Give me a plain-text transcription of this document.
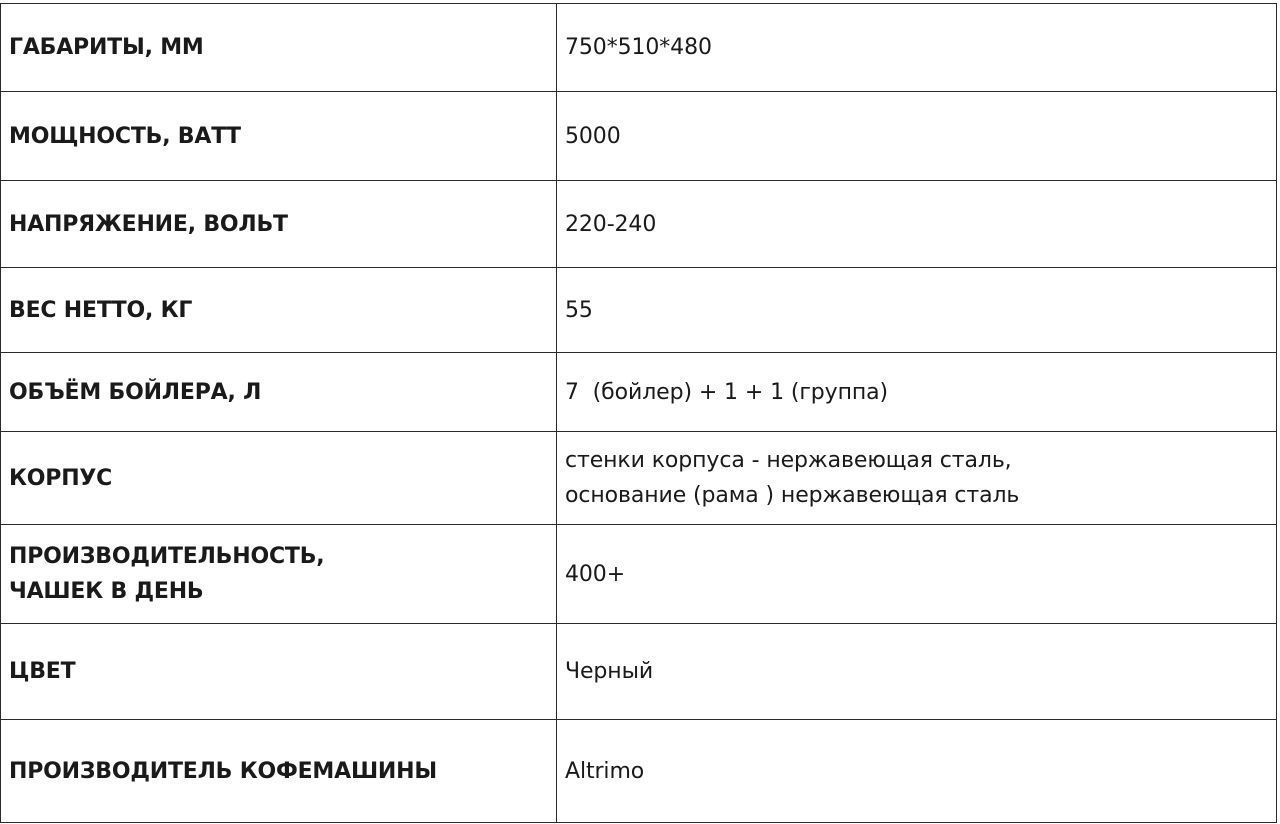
ГАБАРИТЫ, ММ	750*510*480
МОЩНОСТЬ, ВАТТ	5000
НАПРЯЖЕНИЕ, ВОЛЬТ	220-240
ВЕС НЕТТО, КГ	55
ОБЪЁМ БОЙЛЕРА, Л	7  (бойлер) + 1 + 1 (группа)
КОРПУС	стенки корпуса - нержавеющая сталь,
основание (рама ) нержавеющая сталь

ПРОИЗВОДИТЕЛЬНОСТЬ,
ЧАШЕК В ДЕНЬ	400+
ЦВЕТ	Черный
ПРОИЗВОДИТЕЛЬ КОФЕМАШИНЫ	Altrimo
